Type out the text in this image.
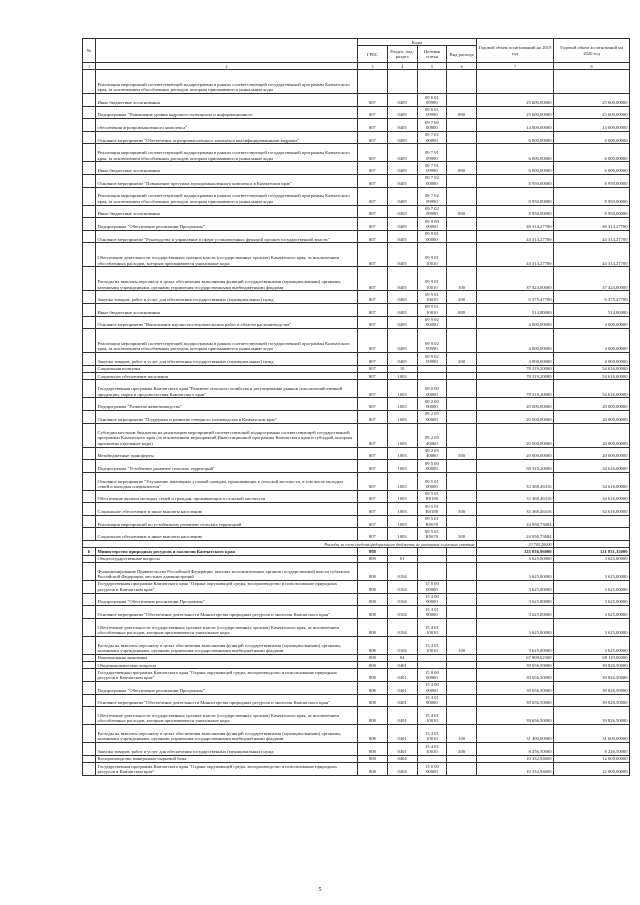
№		Коды				Годовой объем ассигнований на 2019 год	Годовой объем ассигнований на 2020 год
		ГРБС	Раздел, под-раздел	Целевая статья	Вид расхода		
1	2	3	4	5	6	7	8
	Реализация мероприятий соответствующей подпрограммы в рамках соответствующей государственной программы Камчатского края, за исключением обособленных расходов, которым присваиваются уникальные коды						
	Иные бюджетные ассигнования	807	0405	09 6 01 09990		25 600,00000	25 600,00000
	Подпрограмма "Повышение уровня кадрового потенциала и информационного	807	0405	09 6 01 09990	800	25 600,00000	25 600,00000
	обеспечения агропромышленного комплекса"	807	0405	09 7 00 00000		14 000,00000	14 000,00000
	Основное мероприятие "Обеспечение агропромышленного комплекса квалифицированными кадрами"	807	0405	09 7 01 00000		6 000,00000	6 000,00000
	Реализация мероприятий соответствующей подпрограммы в рамках соответствующей государственной программы Камчатского края, за исключением обособленных расходов, которым присваиваются уникальные коды	807	0405	09 7 01 09990		6 000,00000	6 000,00000
	Иные бюджетные ассигнования	807	0405	09 7 01 09990	800	6 000,00000	6 000,00000
	Основное мероприятие "Повышение престижа агропромышленного комплекса в Камчатском крае"	807	0405	09 7 02 00000		8 950,00000	8 950,00000
	Реализация мероприятий соответствующей подпрограммы в рамках соответствующей государственной программы Камчатского края, за исключением обособленных расходов, которым присваиваются уникальные коды	807	0405	09 7 02 09990		8 950,00000	8 950,00000
	Иные бюджетные ассигнования	807	0405	09 7 02 09990	800	8 950,00000	8 950,00000
	Подпрограмма "Обеспечение реализации Программы"	807	0405	09 9 00 00000		48 314,27700	48 314,27700
	Основное мероприятие "Руководство и управление в сфере установленных функций органов государственной власти"	807	0405	09 9 01 00000		44 314,27700	44 314,27700
	Обеспечение деятельности государственных органов власти (государственных органов) Камчатского края, за исключением обособленных расходов, которым присваиваются уникальные коды	807	0405	09 9 01 10010		44 314,27700	44 314,27700
	Расходы на выплаты персоналу в целях обеспечения выполнения функций государственными (муниципальными) органами, казенными учреждениями, органами управления государственными внебюджетными фондами	807	0405	09 9 01 10010	100	37 424,00000	37 424,00000
	Закупка товаров, работ и услуг для обеспечения государственных (муниципальных) нужд	807	0405	09 9 01 10010	200	6 375,47700	6 375,47700
	Иные бюджетные ассигнования	807	0405	09 9 01 10010	800	514,80000	514,80000
	Основное мероприятие "Выполнение научно-исследовательских работ в области растениеводства"	807	0405	09 9 02 00000		4 000,00000	4 000,00000
	Реализация мероприятий соответствующей подпрограммы в рамках соответствующей государственной программы Камчатского края, за исключением обособленных расходов, которым присваиваются уникальные коды	807	0405	09 9 02 09990		4 000,00000	4 000,00000
	Закупка товаров, работ и услуг для обеспечения государственных (муниципальных) нужд	807	0405	09 9 02 09990	200	4 000,00000	4 000,00000
	Социальная политика	807	10			78 319,20000	54 616,00000
	Социальное обеспечение населения	807	1003			78 319,20000	54 616,00000
	Государственная программа Камчатского края "Развитие сельского хозяйства и регулирование рынков сельскохозяйственной продукции, сырья и продовольствия Камчатского края"	807	1003	09 0 00 00000		78 319,20000	54 616,00000
	Подпрограмма "Развитие животноводства"	807	1003	09 2 00 00000		20 000,00000	20 000,00000
	Основное мероприятие "Поддержка и развитие северного оленеводства в Камчатском крае"	807	1003	09 2 05 00000		20 000,00000	20 000,00000
	Субсидии местным бюджетам на реализацию мероприятий соответствующей подпрограммы соответствующей государственной программы Камчатского края (за исключением мероприятий Инвестиционной программы Камчатского края и субсидий, которым присвоены отдельные коды)	807	1003	09 2 05 40060		20 000,00000	20 000,00000
	Межбюджетные трансферты	807	1003	09 2 05 40060	500	20 000,00000	20 000,00000
	Подпрограмма "Устойчивое развитие сельских территорий"	807	1003	09 5 00 00000		58 319,20000	34 616,00000
	Основное мероприятие "Улучшение жилищных условий граждан, проживающих в сельской местности, в том числе молодых семей и молодых специалистов"	807	1003	09 5 01 00000		33 368,46316	34 616,00000
	Обеспечение жильем молодых семей и граждан, проживающих в сельской местности	807	1003	09 5 01 R0180		33 368,46316	34 616,00000
	Социальное обеспечение и иные выплаты населению	807	1003	09 5 01 R0180	300	33 368,46316	34 616,00000
	Реализация мероприятий по устойчивому развитию сельских территорий	807	1003	09 5 01 R5670		24 950,73684	
	Социальное обеспечение и иные выплаты населению	807	1003	09 5 01 R5670	300	24 950,73684	
Расходы за счет средств федерального бюджета, не указанных в целевых статьях						23 705,20000	
6	Министерство природных ресурсов и экологии Камчатского края	808				125 036,96000	121 831,35000
	Общегосударственные вопросы	808	01			3 625,00000	3 625,00000
	Функционирование Правительства Российской Федерации, высших исполнительных органов государственной власти субъектов Российской Федерации, местных администраций	808	0104			3 625,00000	3 625,00000
	Государственная программа Камчатского края "Охрана окружающей среды, воспроизводство и использование природных ресурсов в Камчатском крае"	808	0104	15 0 00 00000		3 625,00000	3 625,00000
	Подпрограмма "Обеспечение реализации Программы"	808	0104	15 4 00 00000		3 625,00000	3 625,00000
	Основное мероприятие "Обеспечение деятельности Министерства природных ресурсов и экологии Камчатского края"	808	0104	15 4 01 00000		3 625,00000	3 625,00000
	Обеспечение деятельности государственных органов власти (государственных органов) Камчатского края, за исключением обособленных расходов, которым присваиваются уникальные коды	808	0104	15 4 01 10010		3 625,00000	3 625,00000
	Расходы на выплаты персоналу в целях обеспечения выполнения функций государственными (муниципальными) органами, казенными учреждениями, органами управления государственными внебюджетными фондами	808	0104	15 4 01 10010	100	3 625,00000	3 625,00000
	Национальная экономика	808	04			67 908,62300	69 110,00000
	Общеэкономические вопросы	808	0401			39 656,50000	39 826,50000
	Государственная программа Камчатского края "Охрана окружающей среды, воспроизводство и использование природных ресурсов в Камчатском крае"	808	0401	15 0 00 00000		39 656,50000	39 826,50000
	Подпрограмма "Обеспечение реализации Программы"	808	0401	15 4 00 00000		39 656,50000	39 826,50000
	Основное мероприятие "Обеспечение деятельности Министерства природных ресурсов и экологии Камчатского края"	808	0401	15 4 01 00000		39 656,50000	39 826,50000
	Обеспечение деятельности государственных органов власти (государственных органов) Камчатского края, за исключением обособленных расходов, которым присваиваются уникальные коды	808	0401	15 4 01 10010		39 656,50000	39 826,50000
	Расходы на выплаты персоналу в целях обеспечения выполнения функций государственными (муниципальными) органами, казенными учреждениями, органами управления государственными внебюджетными фондами	808	0401	15 4 01 10010	100	31 400,00000	31 600,00000
	Закупка товаров, работ и услуг для обеспечения государственных (муниципальных) нужд	808	0401	15 4 01 10010	200	8 256,50000	8 226,50000
	Воспроизводство минерально-сырьевой базы	808	0404			10 332,94600	12 000,00000
	Государственная программа Камчатского края "Охрана окружающей среды, воспроизводство и использование природных ресурсов в Камчатском крае"	808	0404	15 0 00 00000		10 332,94600	12 000,00000
5
